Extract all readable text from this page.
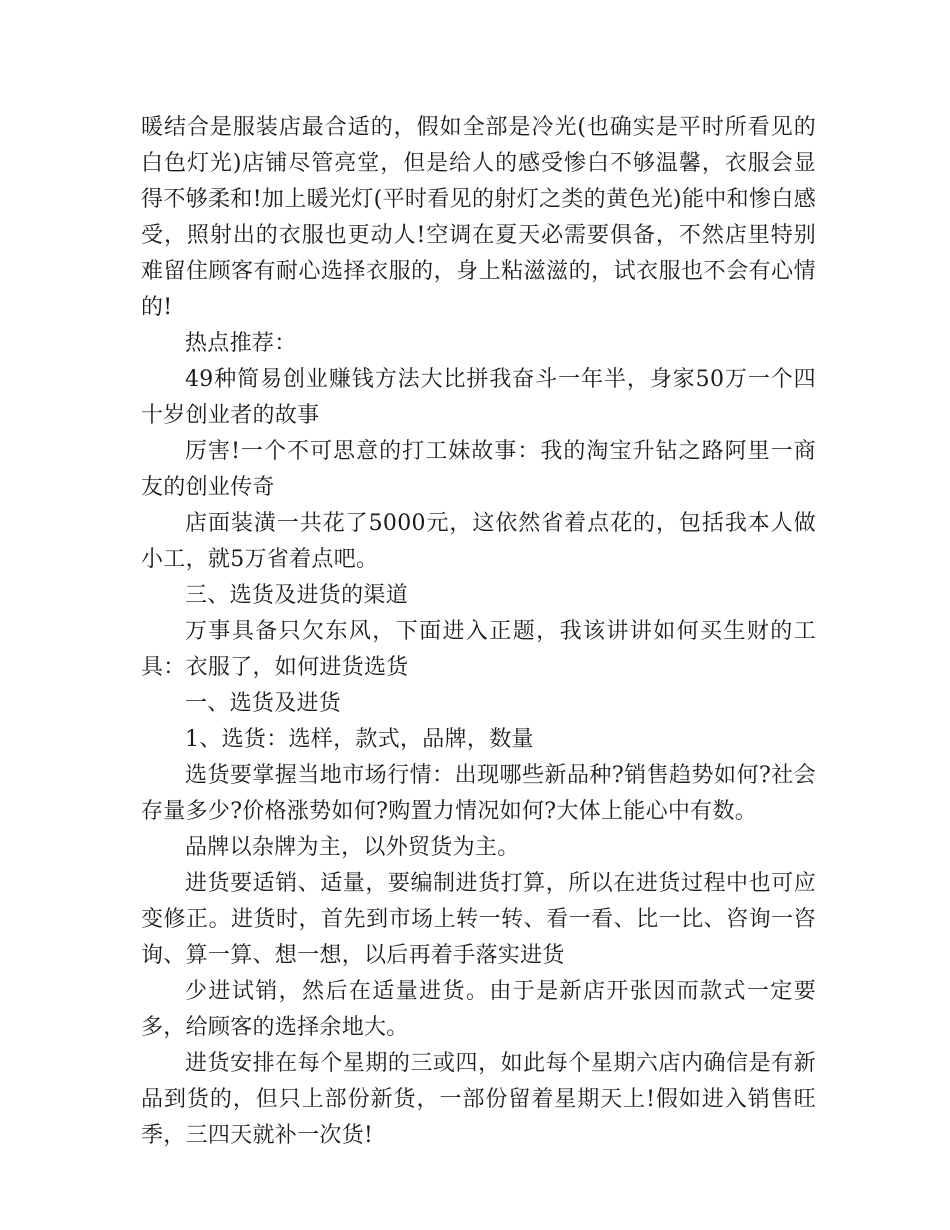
暖结合是服装店最合适的，假如全部是冷光(也确实是平时所看见的白色灯光)店铺尽管亮堂，但是给人的感受惨白不够温馨，衣服会显得不够柔和!加上暖光灯(平时看见的射灯之类的黄色光)能中和惨白感受，照射出的衣服也更动人!空调在夏天必需要俱备，不然店里特别难留住顾客有耐心选择衣服的，身上粘滋滋的，试衣服也不会有心情的!

热点推荐：

49种简易创业赚钱方法大比拼我奋斗一年半，身家50万一个四十岁创业者的故事

厉害!一个不可思意的打工妹故事：我的淘宝升钻之路阿里一商友的创业传奇

店面装潢一共花了5000元，这依然省着点花的，包括我本人做小工，就5万省着点吧。

三、选货及进货的渠道

万事具备只欠东风，下面进入正题，我该讲讲如何买生财的工具：衣服了，如何进货选货

一、选货及进货

1、选货：选样，款式，品牌，数量

选货要掌握当地市场行情：出现哪些新品种?销售趋势如何?社会存量多少?价格涨势如何?购置力情况如何?大体上能心中有数。

品牌以杂牌为主，以外贸货为主。

进货要适销、适量，要编制进货打算，所以在进货过程中也可应变修正。进货时，首先到市场上转一转、看一看、比一比、咨询一咨询、算一算、想一想，以后再着手落实进货

少进试销，然后在适量进货。由于是新店开张因而款式一定要多，给顾客的选择余地大。

进货安排在每个星期的三或四，如此每个星期六店内确信是有新品到货的，但只上部份新货，一部份留着星期天上!假如进入销售旺季，三四天就补一次货!
